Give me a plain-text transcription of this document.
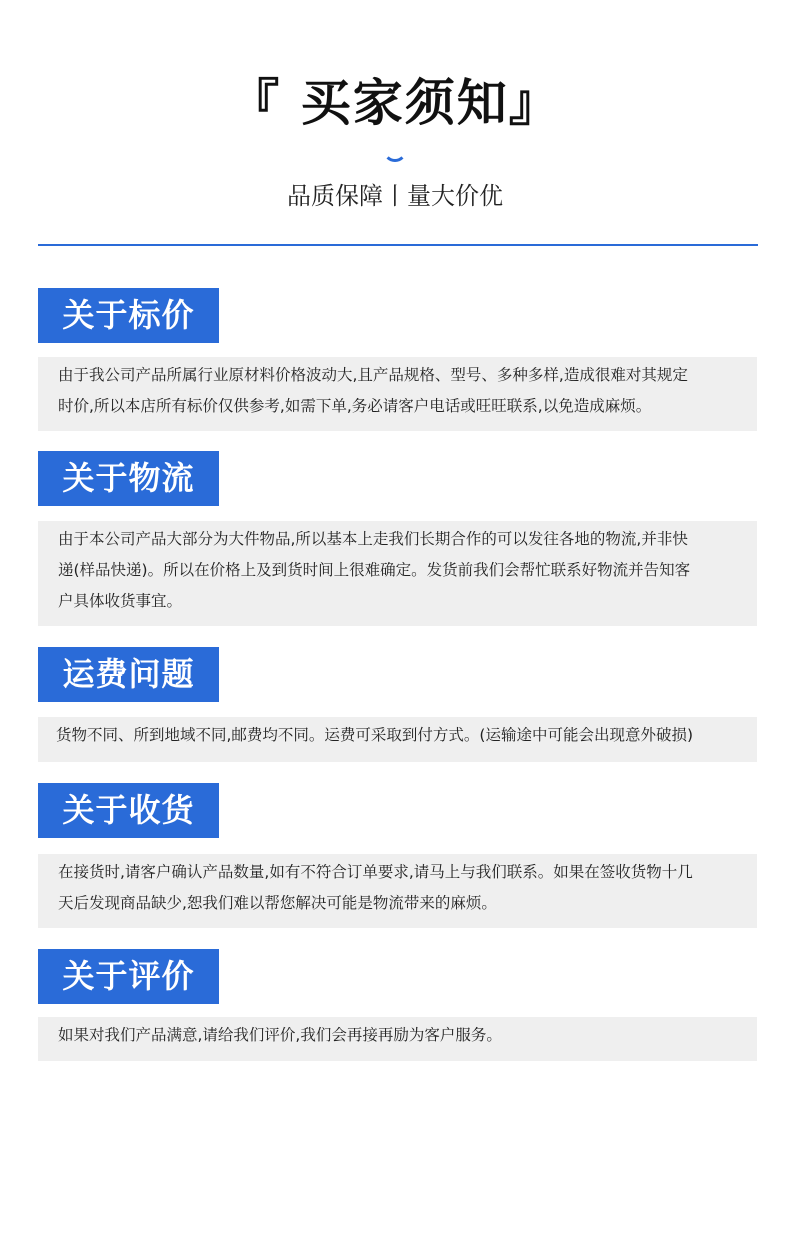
『 买家须知』
品质保障丨量大价优
关于标价
由于我公司产品所属行业原材料价格波动大,且产品规格、型号、多种多样,造成很难对其规定
时价,所以本店所有标价仅供参考,如需下单,务必请客户电话或旺旺联系,以免造成麻烦。
关于物流
由于本公司产品大部分为大件物品,所以基本上走我们长期合作的可以发往各地的物流,并非快
递(样品快递)。所以在价格上及到货时间上很难确定。发货前我们会帮忙联系好物流并告知客
户具体收货事宜。
运费问题
货物不同、所到地域不同,邮费均不同。运费可采取到付方式。(运输途中可能会出现意外破损)
关于收货
在接货时,请客户确认产品数量,如有不符合订单要求,请马上与我们联系。如果在签收货物十几
天后发现商品缺少,恕我们难以帮您解决可能是物流带来的麻烦。
关于评价
如果对我们产品满意,请给我们评价,我们会再接再励为客户服务。
